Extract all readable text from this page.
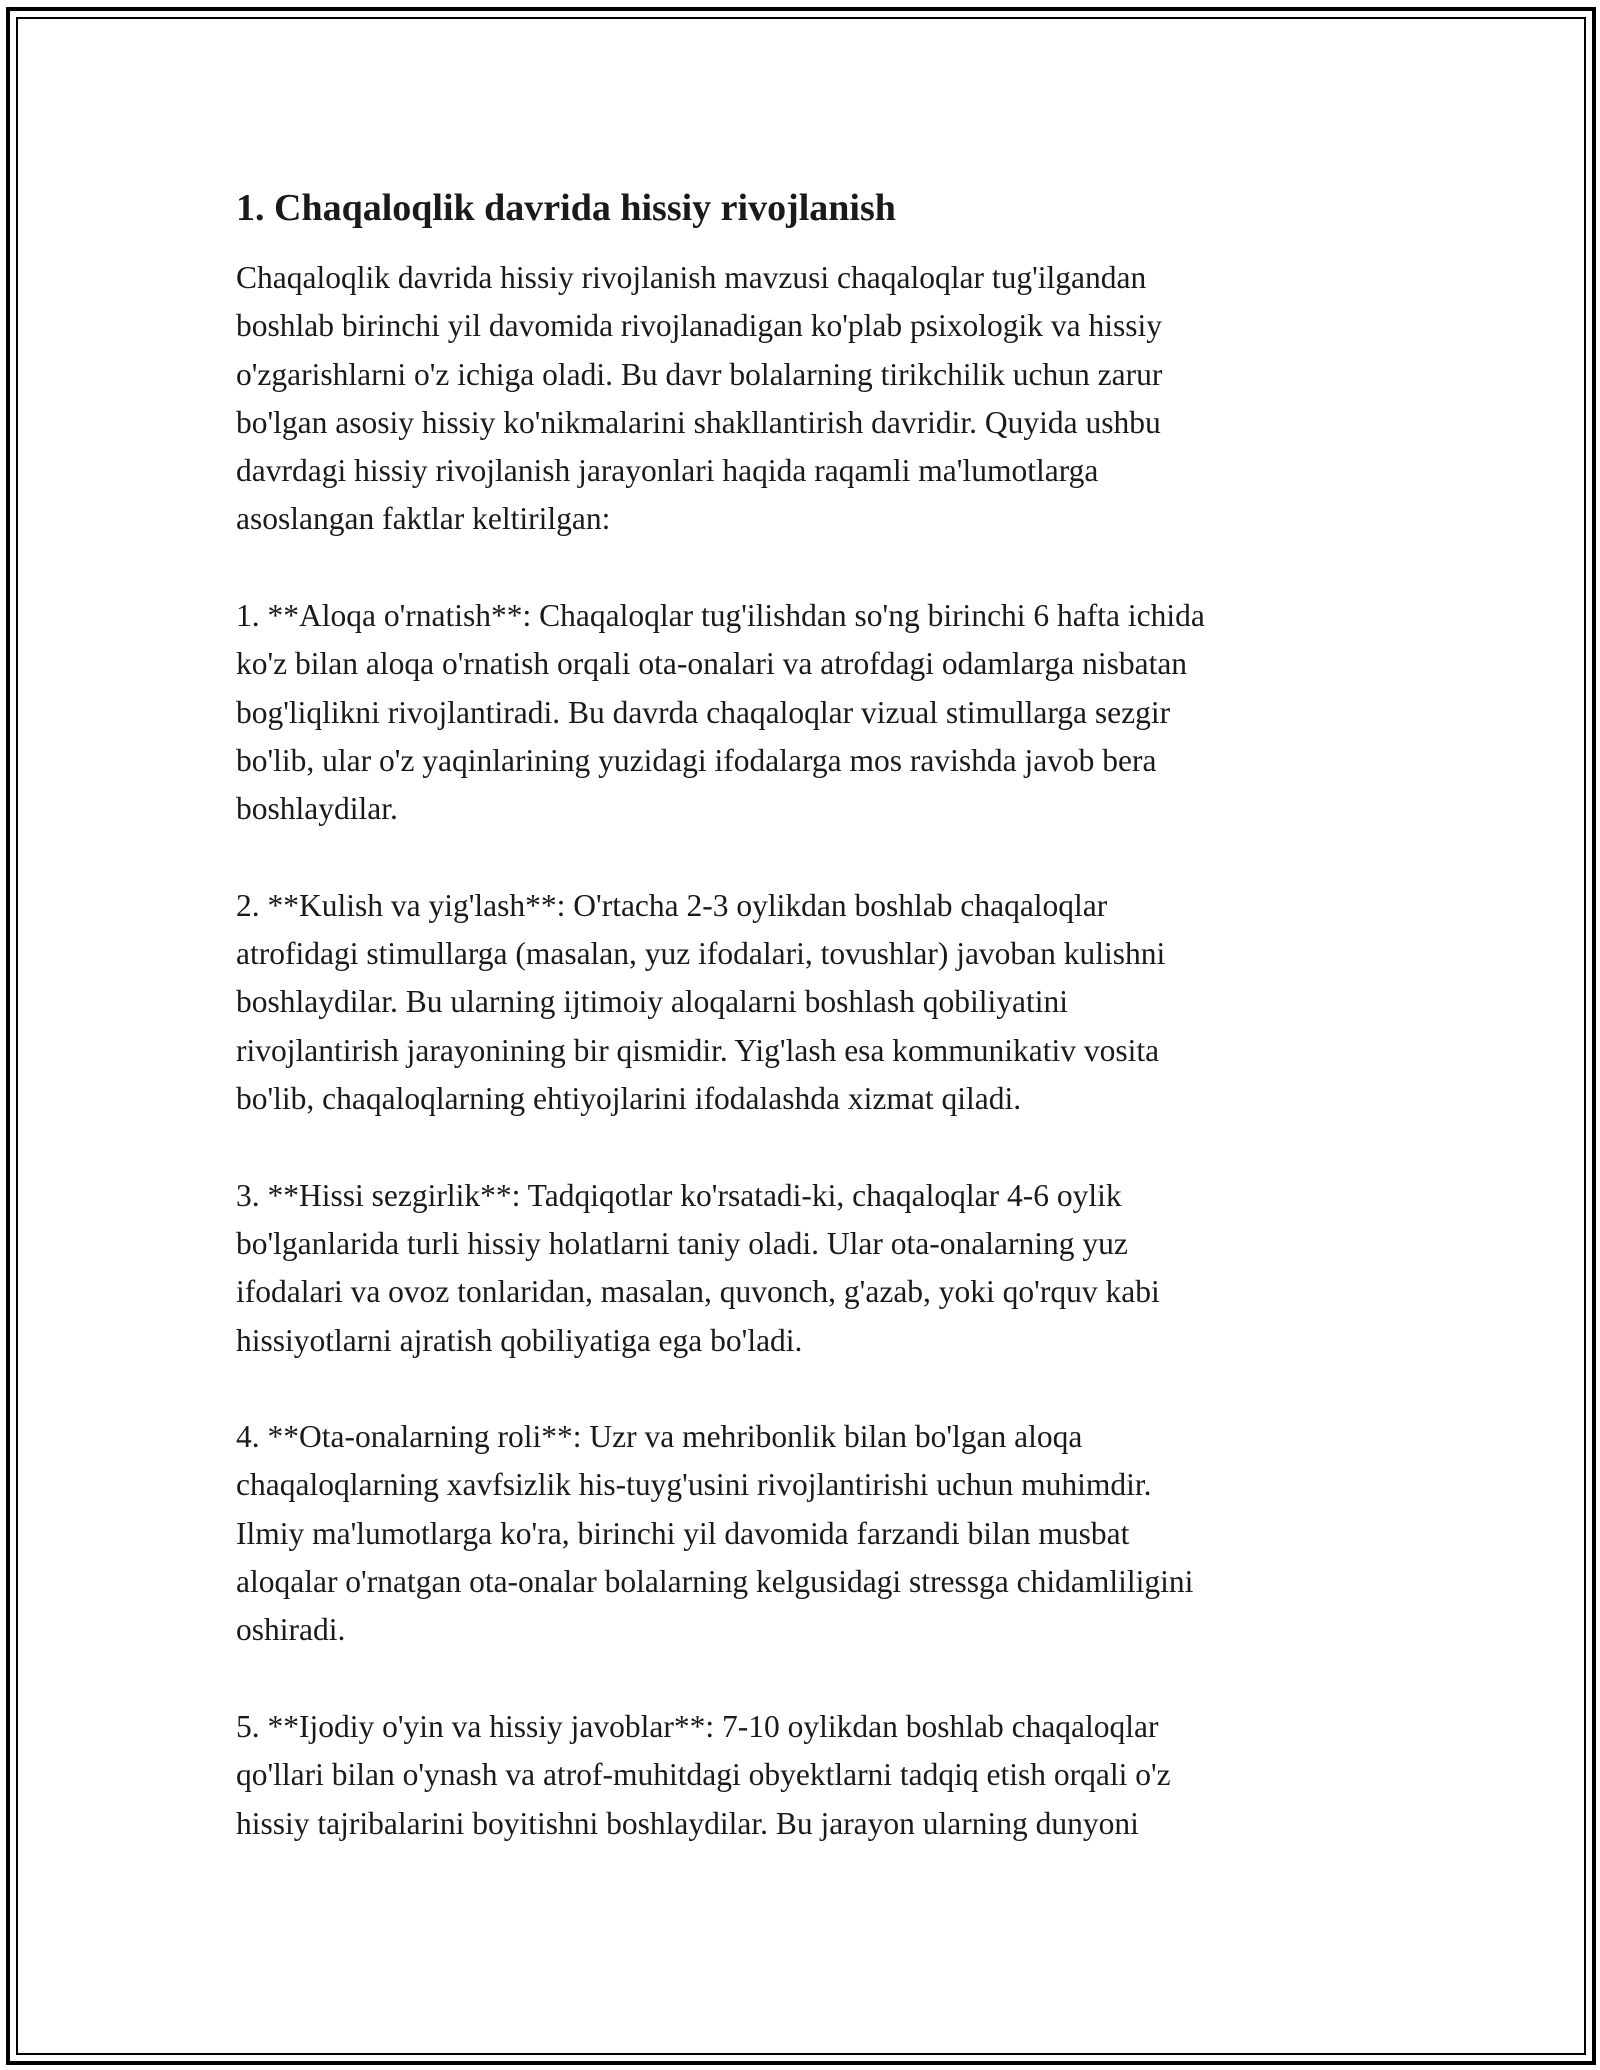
1. Chaqaloqlik davrida hissiy rivojlanish
Chaqaloqlik davrida hissiy rivojlanish mavzusi chaqaloqlar tug'ilgandan
boshlab birinchi yil davomida rivojlanadigan ko'plab psixologik va hissiy
o'zgarishlarni o'z ichiga oladi. Bu davr bolalarning tirikchilik uchun zarur
bo'lgan asosiy hissiy ko'nikmalarini shakllantirish davridir. Quyida ushbu
davrdagi hissiy rivojlanish jarayonlari haqida raqamli ma'lumotlarga
asoslangan faktlar keltirilgan:
1. **Aloqa o'rnatish**: Chaqaloqlar tug'ilishdan so'ng birinchi 6 hafta ichida
ko'z bilan aloqa o'rnatish orqali ota-onalari va atrofdagi odamlarga nisbatan
bog'liqlikni rivojlantiradi. Bu davrda chaqaloqlar vizual stimullarga sezgir
bo'lib, ular o'z yaqinlarining yuzidagi ifodalarga mos ravishda javob bera
boshlaydilar.
2. **Kulish va yig'lash**: O'rtacha 2-3 oylikdan boshlab chaqaloqlar
atrofidagi stimullarga (masalan, yuz ifodalari, tovushlar) javoban kulishni
boshlaydilar. Bu ularning ijtimoiy aloqalarni boshlash qobiliyatini
rivojlantirish jarayonining bir qismidir. Yig'lash esa kommunikativ vosita
bo'lib, chaqaloqlarning ehtiyojlarini ifodalashda xizmat qiladi.
3. **Hissi sezgirlik**: Tadqiqotlar ko'rsatadi-ki, chaqaloqlar 4-6 oylik
bo'lganlarida turli hissiy holatlarni taniy oladi. Ular ota-onalarning yuz
ifodalari va ovoz tonlaridan, masalan, quvonch, g'azab, yoki qo'rquv kabi
hissiyotlarni ajratish qobiliyatiga ega bo'ladi.
4. **Ota-onalarning roli**: Uzr va mehribonlik bilan bo'lgan aloqa
chaqaloqlarning xavfsizlik his-tuyg'usini rivojlantirishi uchun muhimdir.
Ilmiy ma'lumotlarga ko'ra, birinchi yil davomida farzandi bilan musbat
aloqalar o'rnatgan ota-onalar bolalarning kelgusidagi stressga chidamliligini
oshiradi.
5. **Ijodiy o'yin va hissiy javoblar**: 7-10 oylikdan boshlab chaqaloqlar
qo'llari bilan o'ynash va atrof-muhitdagi obyektlarni tadqiq etish orqali o'z
hissiy tajribalarini boyitishni boshlaydilar. Bu jarayon ularning dunyoni
